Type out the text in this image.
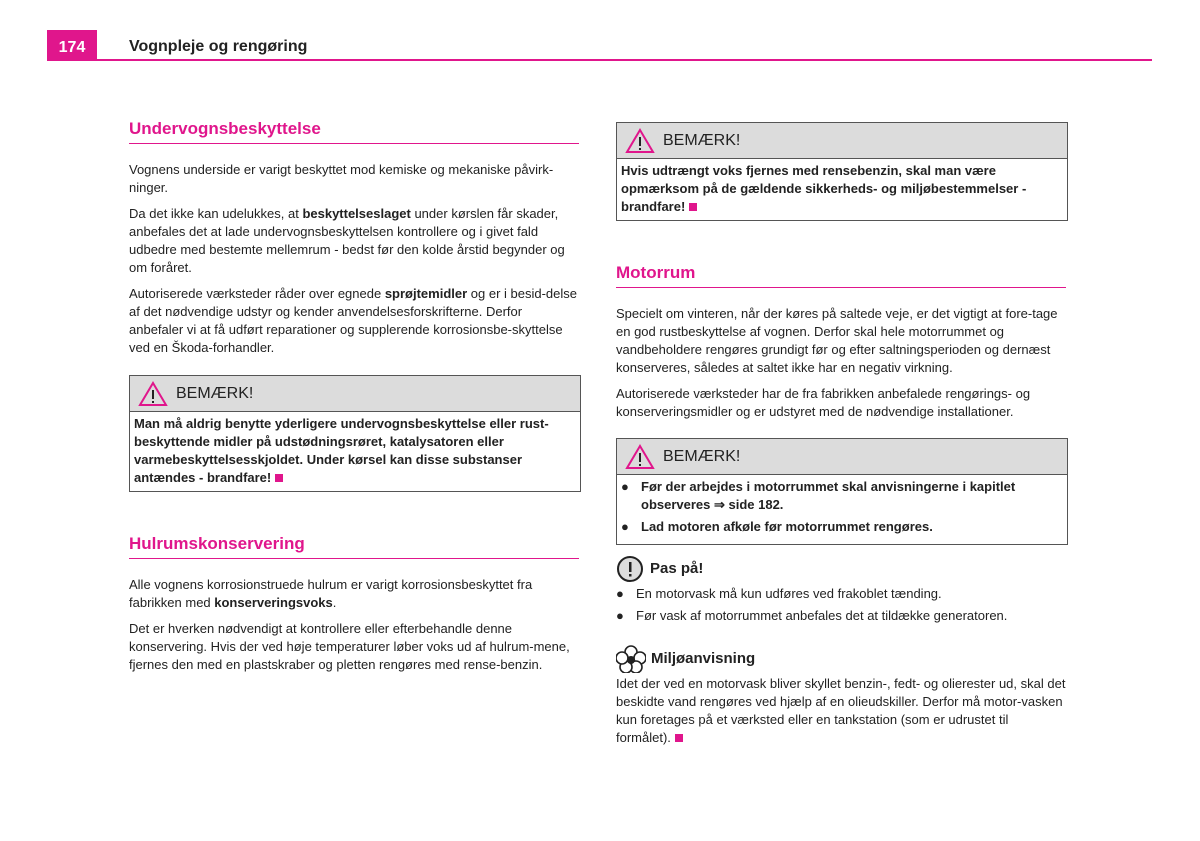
174	Vognpleje og rengøring
Undervognsbeskyttelse

Vognens underside er varigt beskyttet mod kemiske og mekaniske påvirk-ninger.

Da det ikke kan udelukkes, at beskyttelseslaget under kørslen får skader, anbefales det at lade undervognsbeskyttelsen kontrollere og i givet fald udbedre med bestemte mellemrum - bedst før den kolde årstid begynder og om foråret.

Autoriserede værksteder råder over egnede sprøjtemidler og er i besid-delse af det nødvendige udstyr og kender anvendelsesforskrifterne. Derfor anbefaler vi at få udført reparationer og supplerende korrosionsbe-skyttelse ved en Škoda-forhandler.

BEMÆRK!
Man må aldrig benytte yderligere undervognsbeskyttelse eller rust-beskyttende midler på udstødningsrøret, katalysatoren eller varmebeskyttelsesskjoldet. Under kørsel kan disse substanser antændes - brandfare!
Hulrumskonservering

Alle vognens korrosionstruede hulrum er varigt korrosionsbeskyttet fra fabrikken med konserveringsvoks.

Det er hverken nødvendigt at kontrollere eller efterbehandle denne konservering. Hvis der ved høje temperaturer løber voks ud af hulrum-mene, fjernes den med en plastskraber og pletten rengøres med rense-benzin.

BEMÆRK!
Hvis udtrængt voks fjernes med rensebenzin, skal man være opmærksom på de gældende sikkerheds- og miljøbestemmelser - brandfare!
Motorrum

Specielt om vinteren, når der køres på saltede veje, er det vigtigt at fore-tage en god rustbeskyttelse af vognen. Derfor skal hele motorrummet og vandbeholdere rengøres grundigt før og efter saltningsperioden og dernæst konserveres, således at saltet ikke har en negativ virkning.

Autoriserede værksteder har de fra fabrikken anbefalede rengørings- og konserveringsmidler og er udstyret med de nødvendige installationer.

BEMÆRK!
● Før der arbejdes i motorrummet skal anvisningerne i kapitlet observeres ⇒ side 182.
● Lad motoren afkøle før motorrummet rengøres.
Pas på!
● En motorvask må kun udføres ved frakoblet tænding.
● Før vask af motorrummet anbefales det at tildække generatoren.
Miljøanvisning
Idet der ved en motorvask bliver skyllet benzin-, fedt- og olierester ud, skal det beskidte vand rengøres ved hjælp af en olieudskiller. Derfor må motor-vasken kun foretages på et værksted eller en tankstation (som er udrustet til formålet).
